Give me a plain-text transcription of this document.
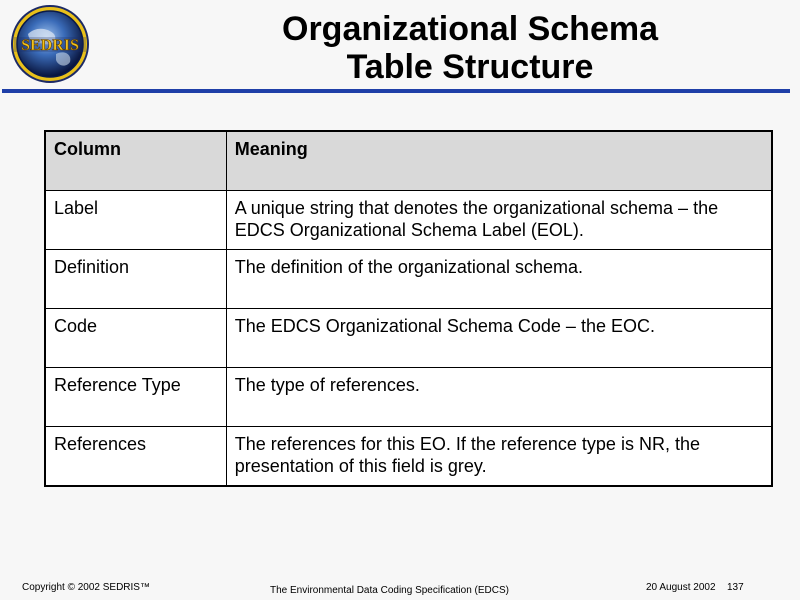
SEDRIS	Organizational Schema
Table Structure
Column	Meaning
Label	A unique string that denotes the organizational schema – the EDCS Organizational Schema Label (EOL).
Definition	The definition of the organizational schema.
Code	The EDCS Organizational Schema Code – the EOC.
Reference Type	The type of references.
References	The references for this EO. If the reference type is NR, the presentation of this field is grey.
Copyright © 2002 SEDRIS™	The Environmental Data Coding Specification (EDCS)	20 August 2002 137
